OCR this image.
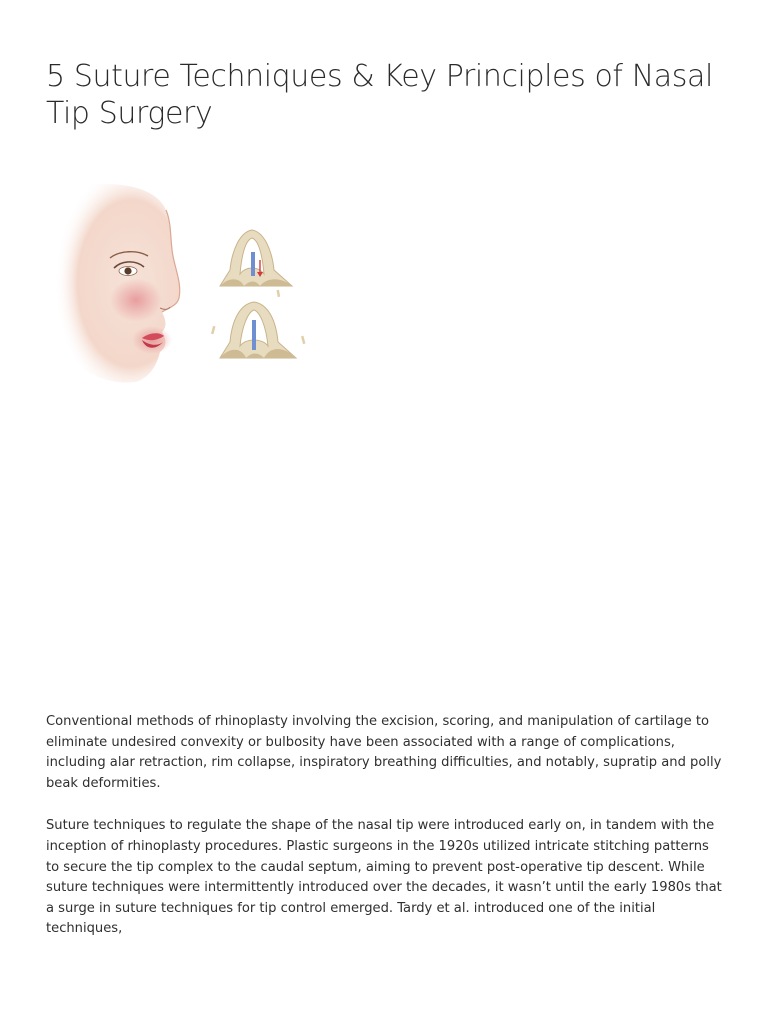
5 Suture Techniques & Key Principles of Nasal Tip Surgery

Conventional methods of rhinoplasty involving the excision, scoring, and manipulation of cartilage to eliminate undesired convexity or bulbosity have been associated with a range of complications, including alar retraction, rim collapse, inspiratory breathing difficulties, and notably, supratip and polly beak deformities.

Suture techniques to regulate the shape of the nasal tip were introduced early on, in tandem with the inception of rhinoplasty procedures. Plastic surgeons in the 1920s utilized intricate stitching patterns to secure the tip complex to the caudal septum, aiming to prevent post-operative tip descent. While suture techniques were intermittently introduced over the decades, it wasn’t until the early 1980s that a surge in suture techniques for tip control emerged. Tardy et al. introduced one of the initial techniques,
